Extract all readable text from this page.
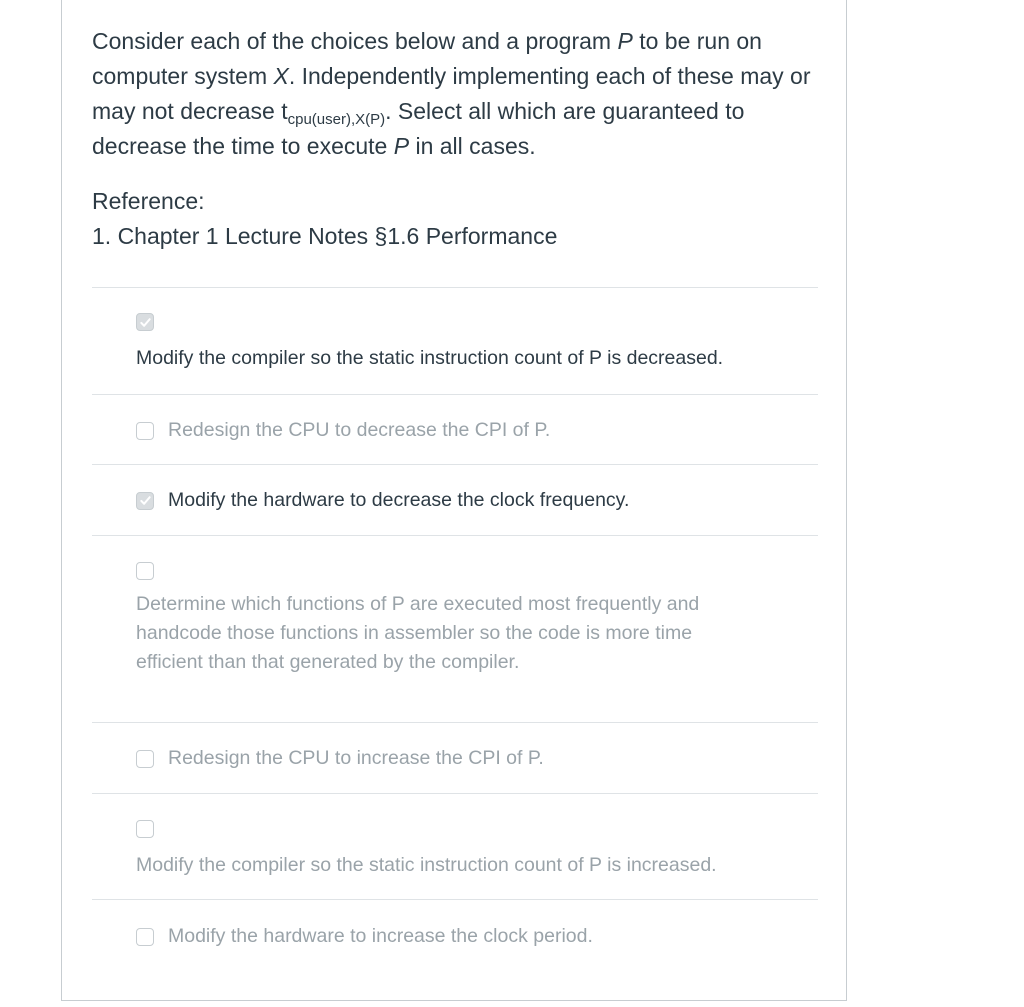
Consider each of the choices below and a program P to be run on computer system X. Independently implementing each of these may or may not decrease $t_{cpu(user),X(P)}$. Select all which are guaranteed to decrease the time to execute P in all cases.

Reference:

1. Chapter 1 Lecture Notes §1.6 Performance

Modify the compiler so the static instruction count of P is decreased.
Redesign the CPU to decrease the CPI of P.
Modify the hardware to decrease the clock frequency.
Determine which functions of P are executed most frequently and handcode those functions in assembler so the code is more time efficient than that generated by the compiler.
Redesign the CPU to increase the CPI of P.
Modify the compiler so the static instruction count of P is increased.
Modify the hardware to increase the clock period.
